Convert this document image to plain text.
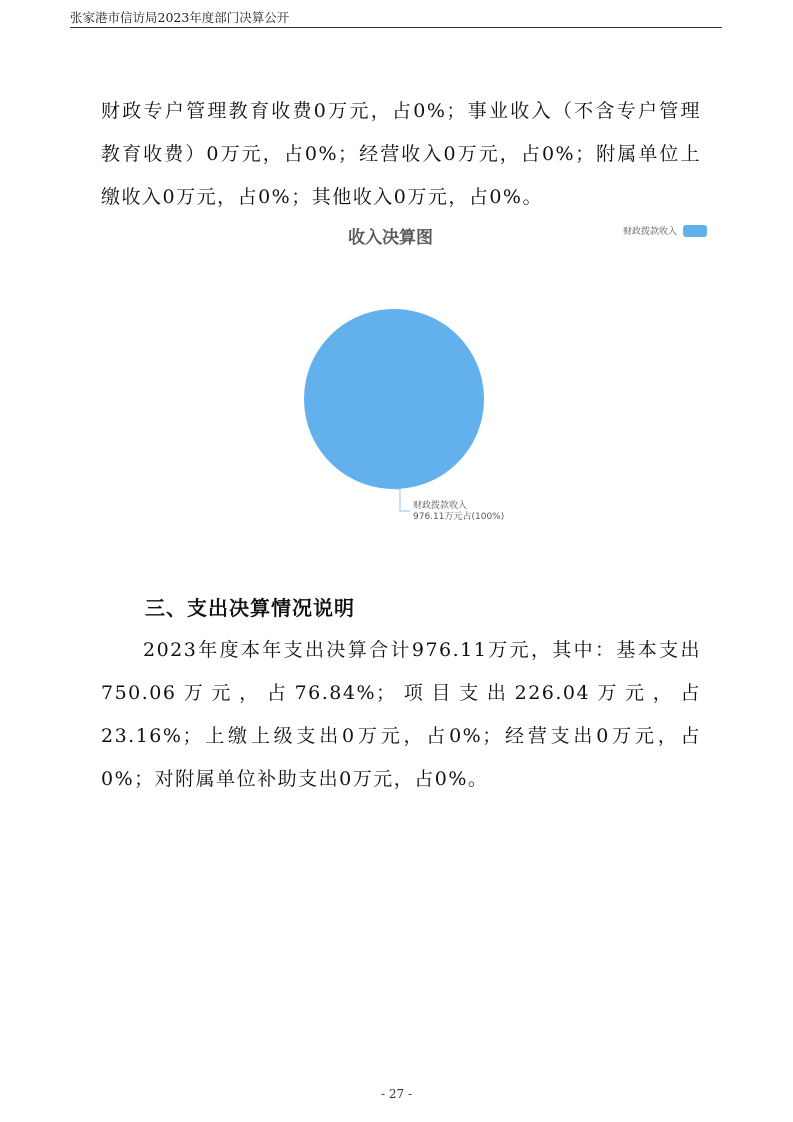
张家港市信访局2023年度部门决算公开

财政专户管理教育收费0万元，占0%；事业收入（不含专户管理教育收费）0万元，占0%；经营收入0万元，占0%；附属单位上缴收入0万元，占0%；其他收入0万元，占0%。

收入决算图	财政拨款收入
财政拨款收入
976.11万元占(100%)
三、支出决算情况说明

2023年度本年支出决算合计976.11万元，其中：基本支出750.06万元，占76.84%；项目支出226.04万元，占23.16%；上缴上级支出0万元，占0%；经营支出0万元，占0%；对附属单位补助支出0万元，占0%。

- 27 -
